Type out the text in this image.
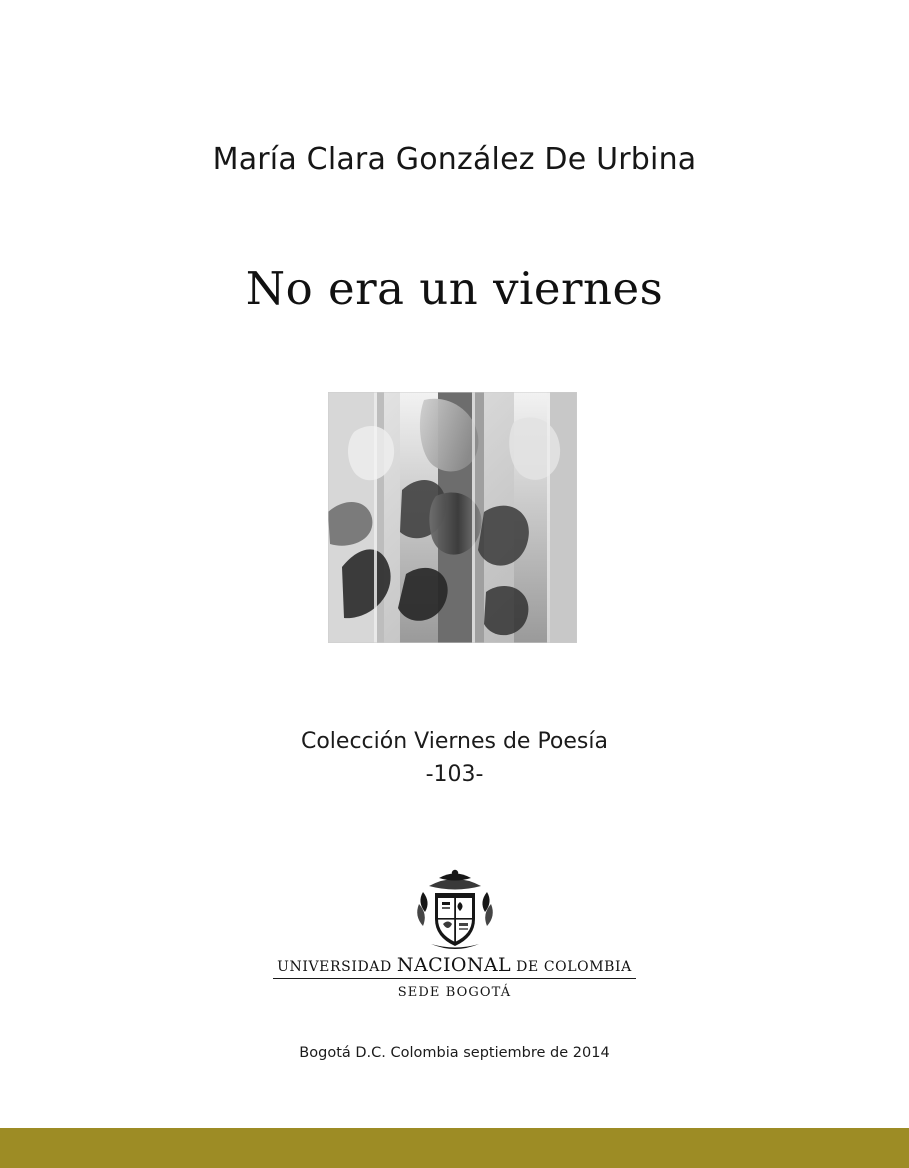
María Clara González De Urbina
No era un viernes
Colección Viernes de Poesía
-103-
UNIVERSIDAD NACIONAL DE COLOMBIA
SEDE BOGOTÁ
Bogotá D.C. Colombia septiembre de 2014
